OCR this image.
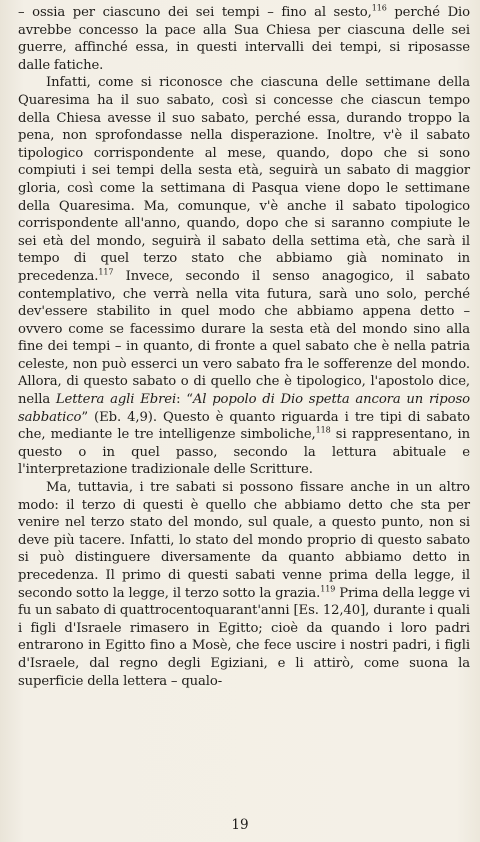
– ossia per ciascuno dei sei tempi – fino al sesto,$^{116}$ perché Dio avrebbe concesso la pace alla Sua Chiesa per ciascuna delle sei guerre, affinché essa, in questi intervalli dei tempi, si riposasse dalle fatiche.

Infatti, come si riconosce che ciascuna delle settimane della Quaresima ha il suo sabato, così si concesse che ciascun tempo della Chiesa avesse il suo sabato, perché essa, durando troppo la pena, non sprofondasse nella disperazione. Inoltre, v'è il sabato tipologico corrispondente al mese, quando, dopo che si sono compiuti i sei tempi della sesta età, seguirà un sabato di maggior gloria, così come la settimana di Pasqua viene dopo le settimane della Quaresima. Ma, comunque, v'è anche il sabato tipologico corrispondente all'anno, quando, dopo che si saranno compiute le sei età del mondo, seguirà il sabato della settima età, che sarà il tempo di quel terzo stato che abbiamo già nominato in precedenza.$^{117}$ Invece, secondo il senso anagogico, il sabato contemplativo, che verrà nella vita futura, sarà uno solo, perché dev'essere stabilito in quel modo che abbiamo appena detto – ovvero come se facessimo durare la sesta età del mondo sino alla fine dei tempi – in quanto, di fronte a quel sabato che è nella patria celeste, non può esserci un vero sabato fra le sofferenze del mondo. Allora, di questo sabato o di quello che è tipologico, l'apostolo dice, nella Lettera agli Ebrei: “Al popolo di Dio spetta ancora un riposo sabbatico” (Eb. 4,9). Questo è quanto riguarda i tre tipi di sabato che, mediante le tre intelligenze simboliche,$^{118}$ si rappresentano, in questo o in quel passo, secondo la lettura abituale e l'interpretazione tradizionale delle Scritture.

Ma, tuttavia, i tre sabati si possono fissare anche in un altro modo: il terzo di questi è quello che abbiamo detto che sta per venire nel terzo stato del mondo, sul quale, a questo punto, non si deve più tacere. Infatti, lo stato del mondo proprio di questo sabato si può distinguere diversamente da quanto abbiamo detto in precedenza. Il primo di questi sabati venne prima della legge, il secondo sotto la legge, il terzo sotto la grazia.$^{119}$ Prima della legge vi fu un sabato di quattrocentoquarant'anni [Es. 12,40], durante i quali i figli d'Israele rimasero in Egitto; cioè da quando i loro padri entrarono in Egitto fino a Mosè, che fece uscire i nostri padri, i figli d'Israele, dal regno degli Egiziani, e li attirò, come suona la superficie della lettera – qualo-

19
